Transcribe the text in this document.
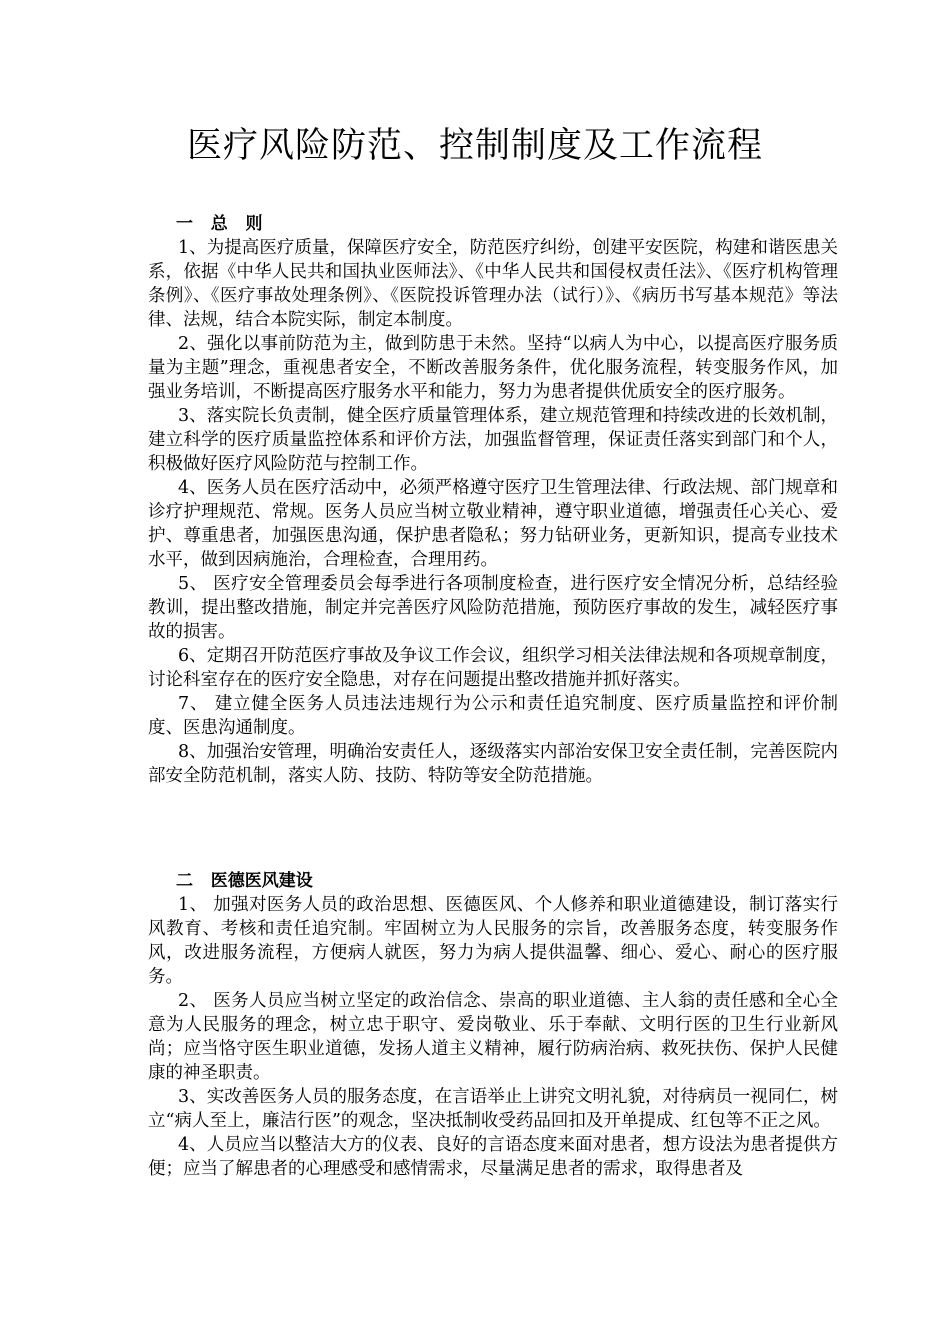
医疗风险防范、控制制度及工作流程

一   总   则

1、为提高医疗质量，保障医疗安全，防范医疗纠纷，创建平安医院，构建和谐医患关系，依据《中华人民共和国执业医师法》、《中华人民共和国侵权责任法》、《医疗机构管理条例》、《医疗事故处理条例》、《医院投诉管理办法（试行）》、《病历书写基本规范》等法律、法规，结合本院实际，制定本制度。

2、强化以事前防范为主，做到防患于未然。坚持“以病人为中心，以提高医疗服务质量为主题”理念，重视患者安全，不断改善服务条件，优化服务流程，转变服务作风，加强业务培训，不断提高医疗服务水平和能力，努力为患者提供优质安全的医疗服务。

3、落实院长负责制，健全医疗质量管理体系，建立规范管理和持续改进的长效机制，建立科学的医疗质量监控体系和评价方法，加强监督管理，保证责任落实到部门和个人，积极做好医疗风险防范与控制工作。

4、医务人员在医疗活动中，必须严格遵守医疗卫生管理法律、行政法规、部门规章和诊疗护理规范、常规。医务人员应当树立敬业精神，遵守职业道德，增强责任心关心、爱护、尊重患者，加强医患沟通，保护患者隐私；努力钻研业务，更新知识，提高专业技术水平，做到因病施治，合理检查，合理用药。

5、 医疗安全管理委员会每季进行各项制度检查，进行医疗安全情况分析，总结经验教训，提出整改措施，制定并完善医疗风险防范措施，预防医疗事故的发生，减轻医疗事故的损害。

6、定期召开防范医疗事故及争议工作会议，组织学习相关法律法规和各项规章制度，讨论科室存在的医疗安全隐患，对存在问题提出整改措施并抓好落实。

7、 建立健全医务人员违法违规行为公示和责任追究制度、医疗质量监控和评价制度、医患沟通制度。

8、加强治安管理，明确治安责任人，逐级落实内部治安保卫安全责任制，完善医院内部安全防范机制，落实人防、技防、特防等安全防范措施。

二   医德医风建设

1、 加强对医务人员的政治思想、医德医风、个人修养和职业道德建设，制订落实行风教育、考核和责任追究制。牢固树立为人民服务的宗旨，改善服务态度，转变服务作风，改进服务流程，方便病人就医，努力为病人提供温馨、细心、爱心、耐心的医疗服务。

2、 医务人员应当树立坚定的政治信念、崇高的职业道德、主人翁的责任感和全心全意为人民服务的理念，树立忠于职守、爱岗敬业、乐于奉献、文明行医的卫生行业新风尚；应当恪守医生职业道德，发扬人道主义精神，履行防病治病、救死扶伤、保护人民健康的神圣职责。

3、实改善医务人员的服务态度，在言语举止上讲究文明礼貌，对待病员一视同仁，树立“病人至上，廉洁行医”的观念，坚决抵制收受药品回扣及开单提成、红包等不正之风。

4、人员应当以整洁大方的仪表、良好的言语态度来面对患者，想方设法为患者提供方便；应当了解患者的心理感受和感情需求，尽量满足患者的需求，取得患者及
